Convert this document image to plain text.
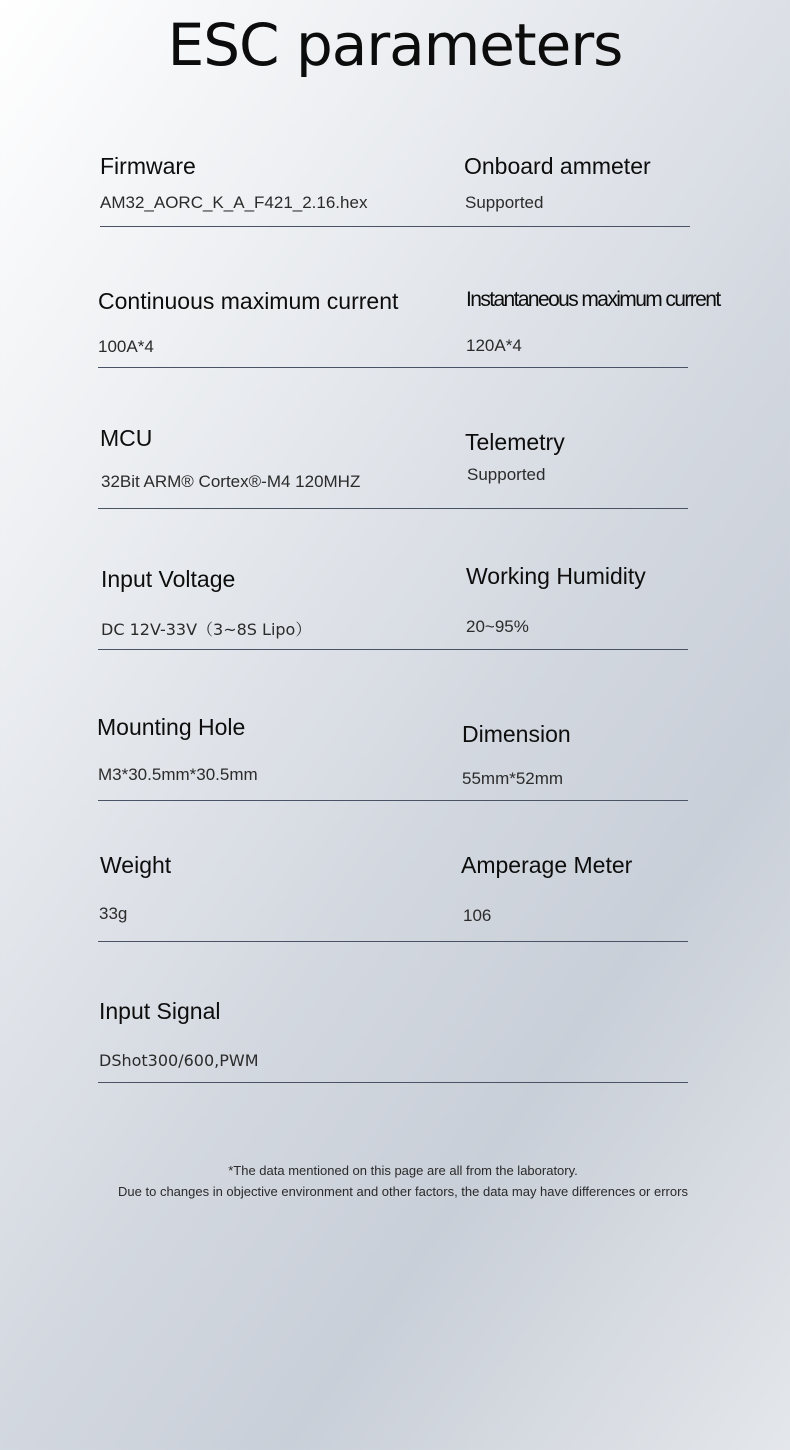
ESC parameters
Firmware
AM32_AORC_K_A_F421_2.16.hex
Onboard ammeter
Supported
Continuous maximum current
100A*4
Instantaneous maximum current
120A*4
MCU
32Bit ARM® Cortex®-M4 120MHZ
Telemetry
Supported
Input Voltage
DC 12V-33V（3~8S Lipo）
Working Humidity
20~95%
Mounting Hole
M3*30.5mm*30.5mm
Dimension
55mm*52mm
Weight
33g
Amperage Meter
106
Input Signal
DShot300/600,PWM
*The data mentioned on this page are all from the laboratory.
Due to changes in objective environment and other factors, the data may have differences or errors
